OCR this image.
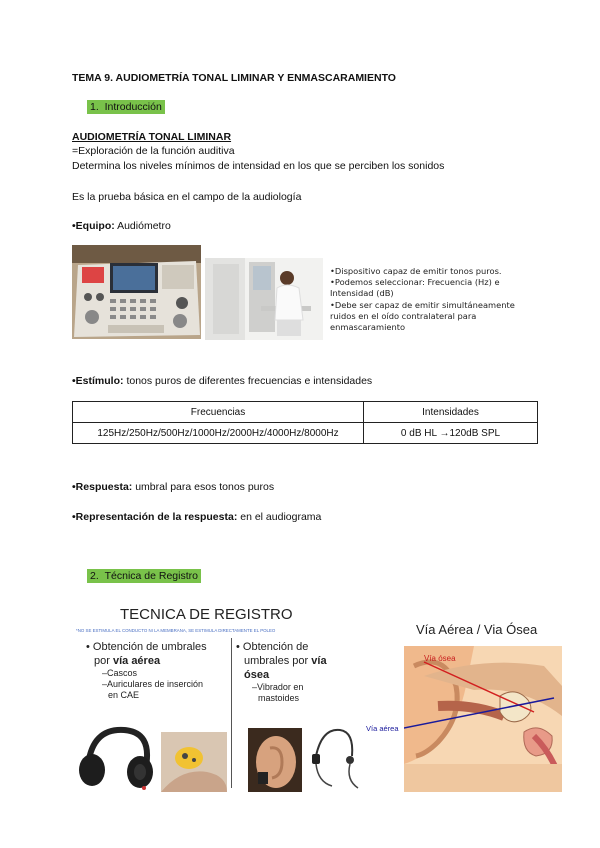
TEMA 9. AUDIOMETRÍA TONAL LIMINAR Y ENMASCARAMIENTO
1. Introducción
AUDIOMETRÍA TONAL LIMINAR
=Exploración de la función auditiva
Determina los niveles mínimos de intensidad en los que se perciben los sonidos
Es la prueba básica en el campo de la audiología
•Equipo: Audiómetro
•Dispositivo capaz de emitir tonos puros.
•Podemos seleccionar: Frecuencia (Hz) e
Intensidad (dB)
•Debe ser capaz de emitir simultáneamente
ruidos en el oído contralateral para
enmascaramiento
•Estímulo: tonos puros de diferentes frecuencias e intensidades
Frecuencias	Intensidades
125Hz/250Hz/500Hz/1000Hz/2000Hz/4000Hz/8000Hz	0 dB HL →120dB SPL
•Respuesta: umbral para esos tonos puros
•Representación de la respuesta: en el audiograma
2. Técnica de Registro
TECNICA DE REGISTRO
*NO SE ESTIMULA EL CONDUCTO NI LA MEMBRANA, SE ESTIMULA DIRECTAMENTE EL POLEO
• Obtención de umbrales
por vía aérea
–Cascos
–Auriculares de inserción
en CAE
• Obtención de
umbrales por vía
ósea
–Vibrador en
mastoides
Vía Aérea / Via Ósea
Vía ósea
Vía aérea
